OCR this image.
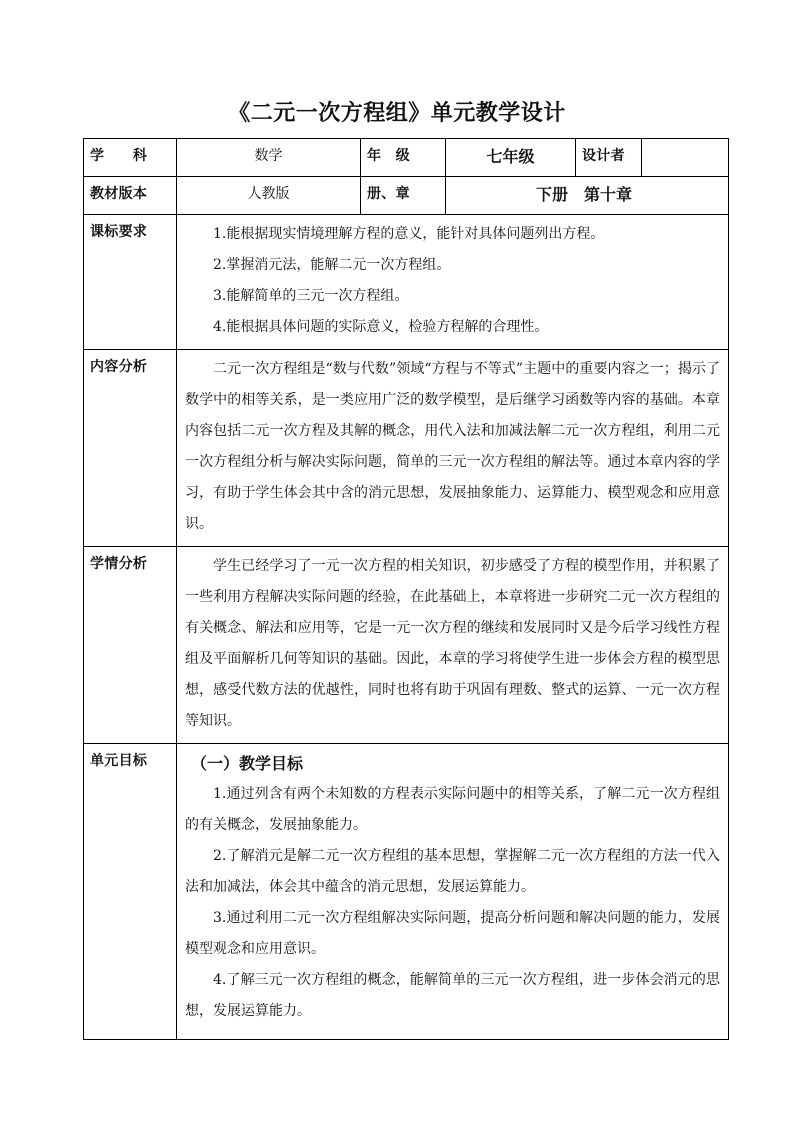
《二元一次方程组》单元教学设计
学　　科	数学	年　级	七年级	设计者	
教材版本	人教版	册、章	下册　第十章		
课标要求	1.能根据现实情境理解方程的意义，能针对具体问题列出方程。

2.掌握消元法，能解二元一次方程组。

3.能解简单的三元一次方程组。

4.能根据具体问题的实际意义，检验方程解的合理性。				

内容分析	二元一次方程组是“数与代数”领域“方程与不等式”主题中的重要内容之一；揭示了数学中的相等关系，是一类应用广泛的数学模型，是后继学习函数等内容的基础。本章内容包括二元一次方程及其解的概念，用代入法和加减法解二元一次方程组，利用二元一次方程组分析与解决实际问题，简单的三元一次方程组的解法等。通过本章内容的学习，有助于学生体会其中含的消元思想，发展抽象能力、运算能力、模型观念和应用意识。				

学情分析	学生已经学习了一元一次方程的相关知识，初步感受了方程的模型作用，并积累了一些利用方程解决实际问题的经验，在此基础上，本章将进一步研究二元一次方程组的有关概念、解法和应用等，它是一元一次方程的继续和发展同时又是今后学习线性方程组及平面解析几何等知识的基础。因此，本章的学习将使学生进一步体会方程的模型思想，感受代数方法的优越性，同时也将有助于巩固有理数、整式的运算、一元一次方程等知识。				

单元目标	（一）教学目标

1.通过列含有两个未知数的方程表示实际问题中的相等关系，了解二元一次方程组的有关概念，发展抽象能力。

2.了解消元是解二元一次方程组的基本思想，掌握解二元一次方程组的方法一代入法和加减法，体会其中蕴含的消元思想，发展运算能力。

3.通过利用二元一次方程组解决实际问题，提高分析问题和解决问题的能力，发展模型观念和应用意识。

4.了解三元一次方程组的概念，能解简单的三元一次方程组，进一步体会消元的思想，发展运算能力。				
